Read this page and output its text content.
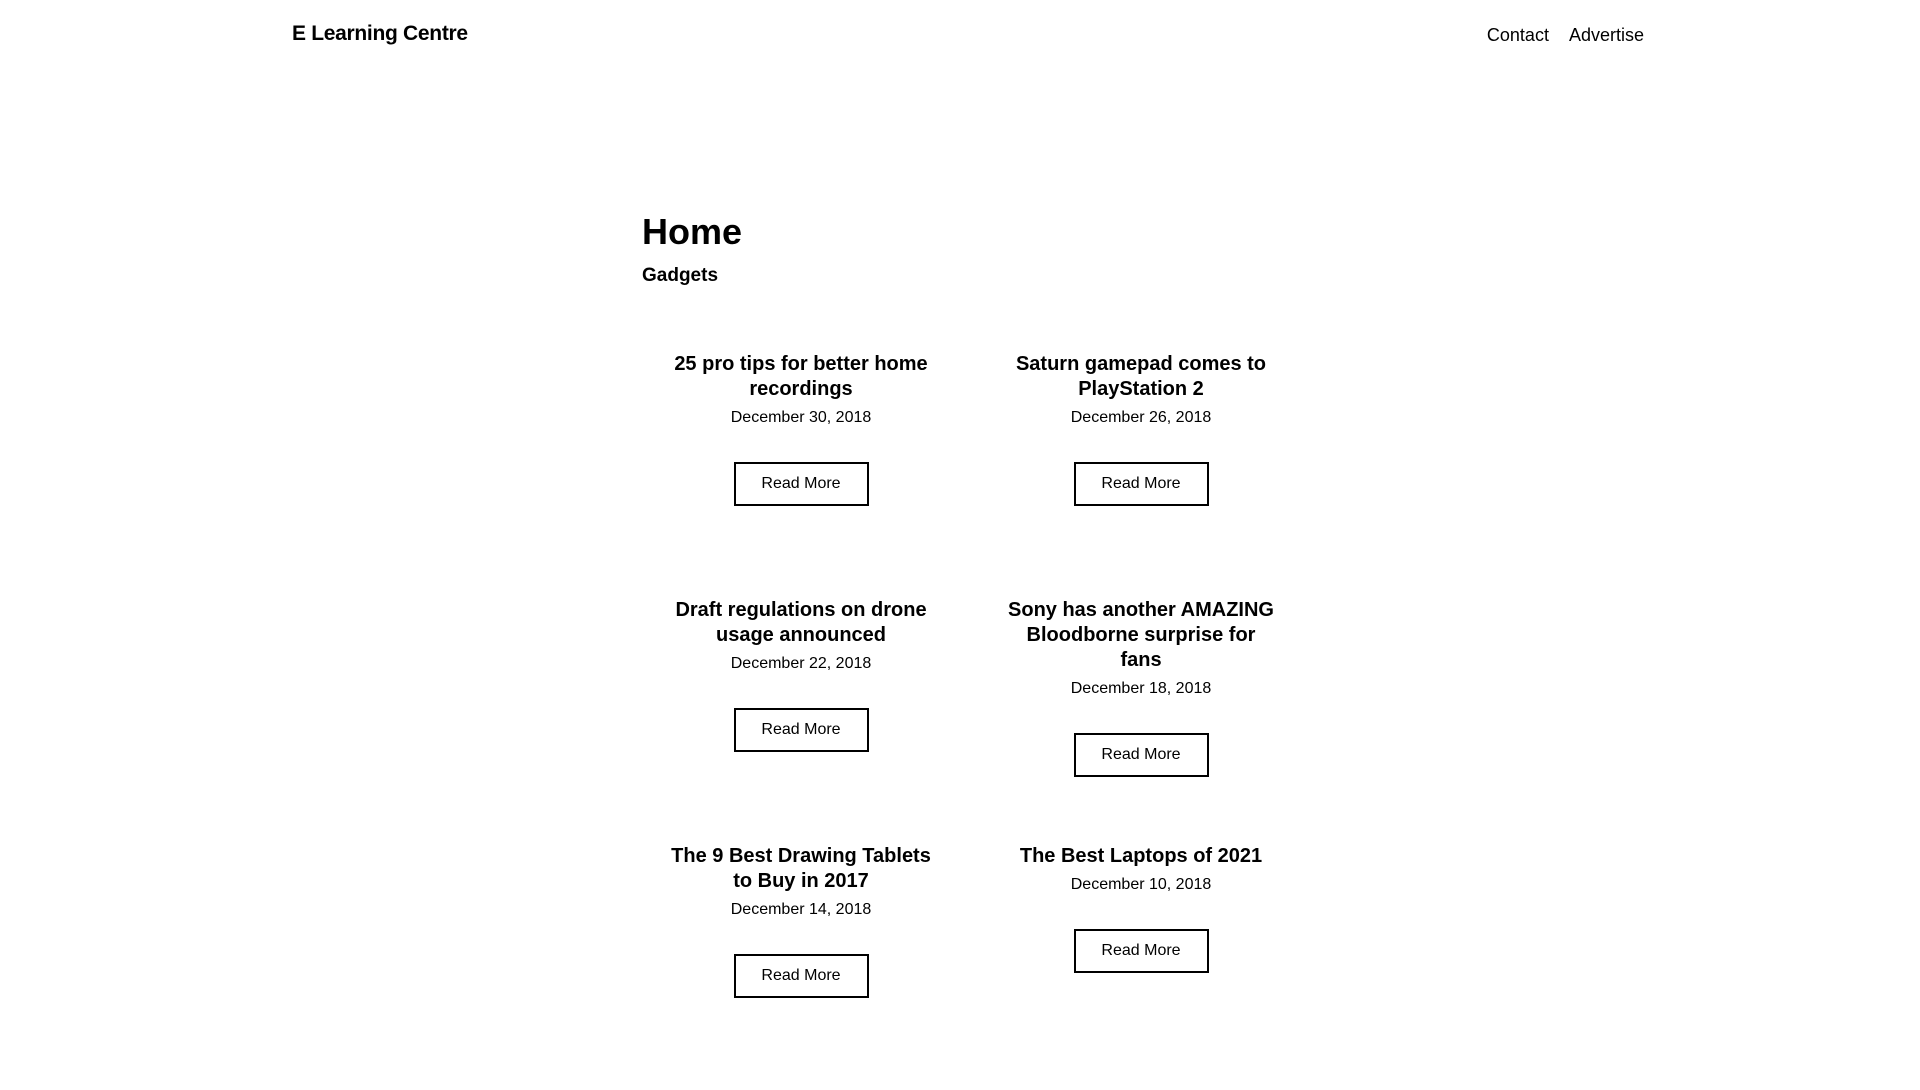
E Learning Centre	Contact Advertise
Home
Gadgets
25 pro tips for better home recordings
December 30, 2018
Read More
Saturn gamepad comes to PlayStation 2
December 26, 2018
Read More
Draft regulations on drone usage announced
December 22, 2018
Read More
Sony has another AMAZING Bloodborne surprise for fans
December 18, 2018
Read More
The 9 Best Drawing Tablets to Buy in 2017
December 14, 2018
Read More
The Best Laptops of 2021
December 10, 2018
Read More
